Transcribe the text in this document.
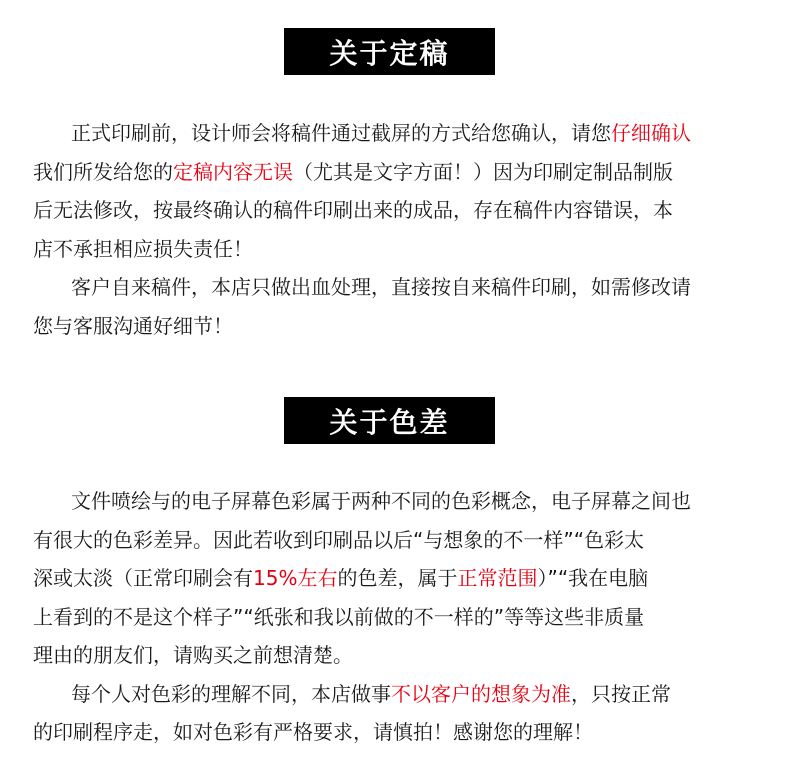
关于定稿
正式印刷前，设计师会将稿件通过截屏的方式给您确认，请您仔细确认
我们所发给您的定稿内容无误（尤其是文字方面！）因为印刷定制品制版
后无法修改，按最终确认的稿件印刷出来的成品，存在稿件内容错误，本
店不承担相应损失责任！
客户自来稿件，本店只做出血处理，直接按自来稿件印刷，如需修改请
您与客服沟通好细节！
关于色差
文件喷绘与的电子屏幕色彩属于两种不同的色彩概念，电子屏幕之间也
有很大的色彩差异。因此若收到印刷品以后“与想象的不一样”“色彩太
深或太淡（正常印刷会有15%左右的色差，属于正常范围）”“我在电脑
上看到的不是这个样子”“纸张和我以前做的不一样的”等等这些非质量
理由的朋友们，请购买之前想清楚。
每个人对色彩的理解不同，本店做事不以客户的想象为准，只按正常
的印刷程序走，如对色彩有严格要求，请慎拍！感谢您的理解！
